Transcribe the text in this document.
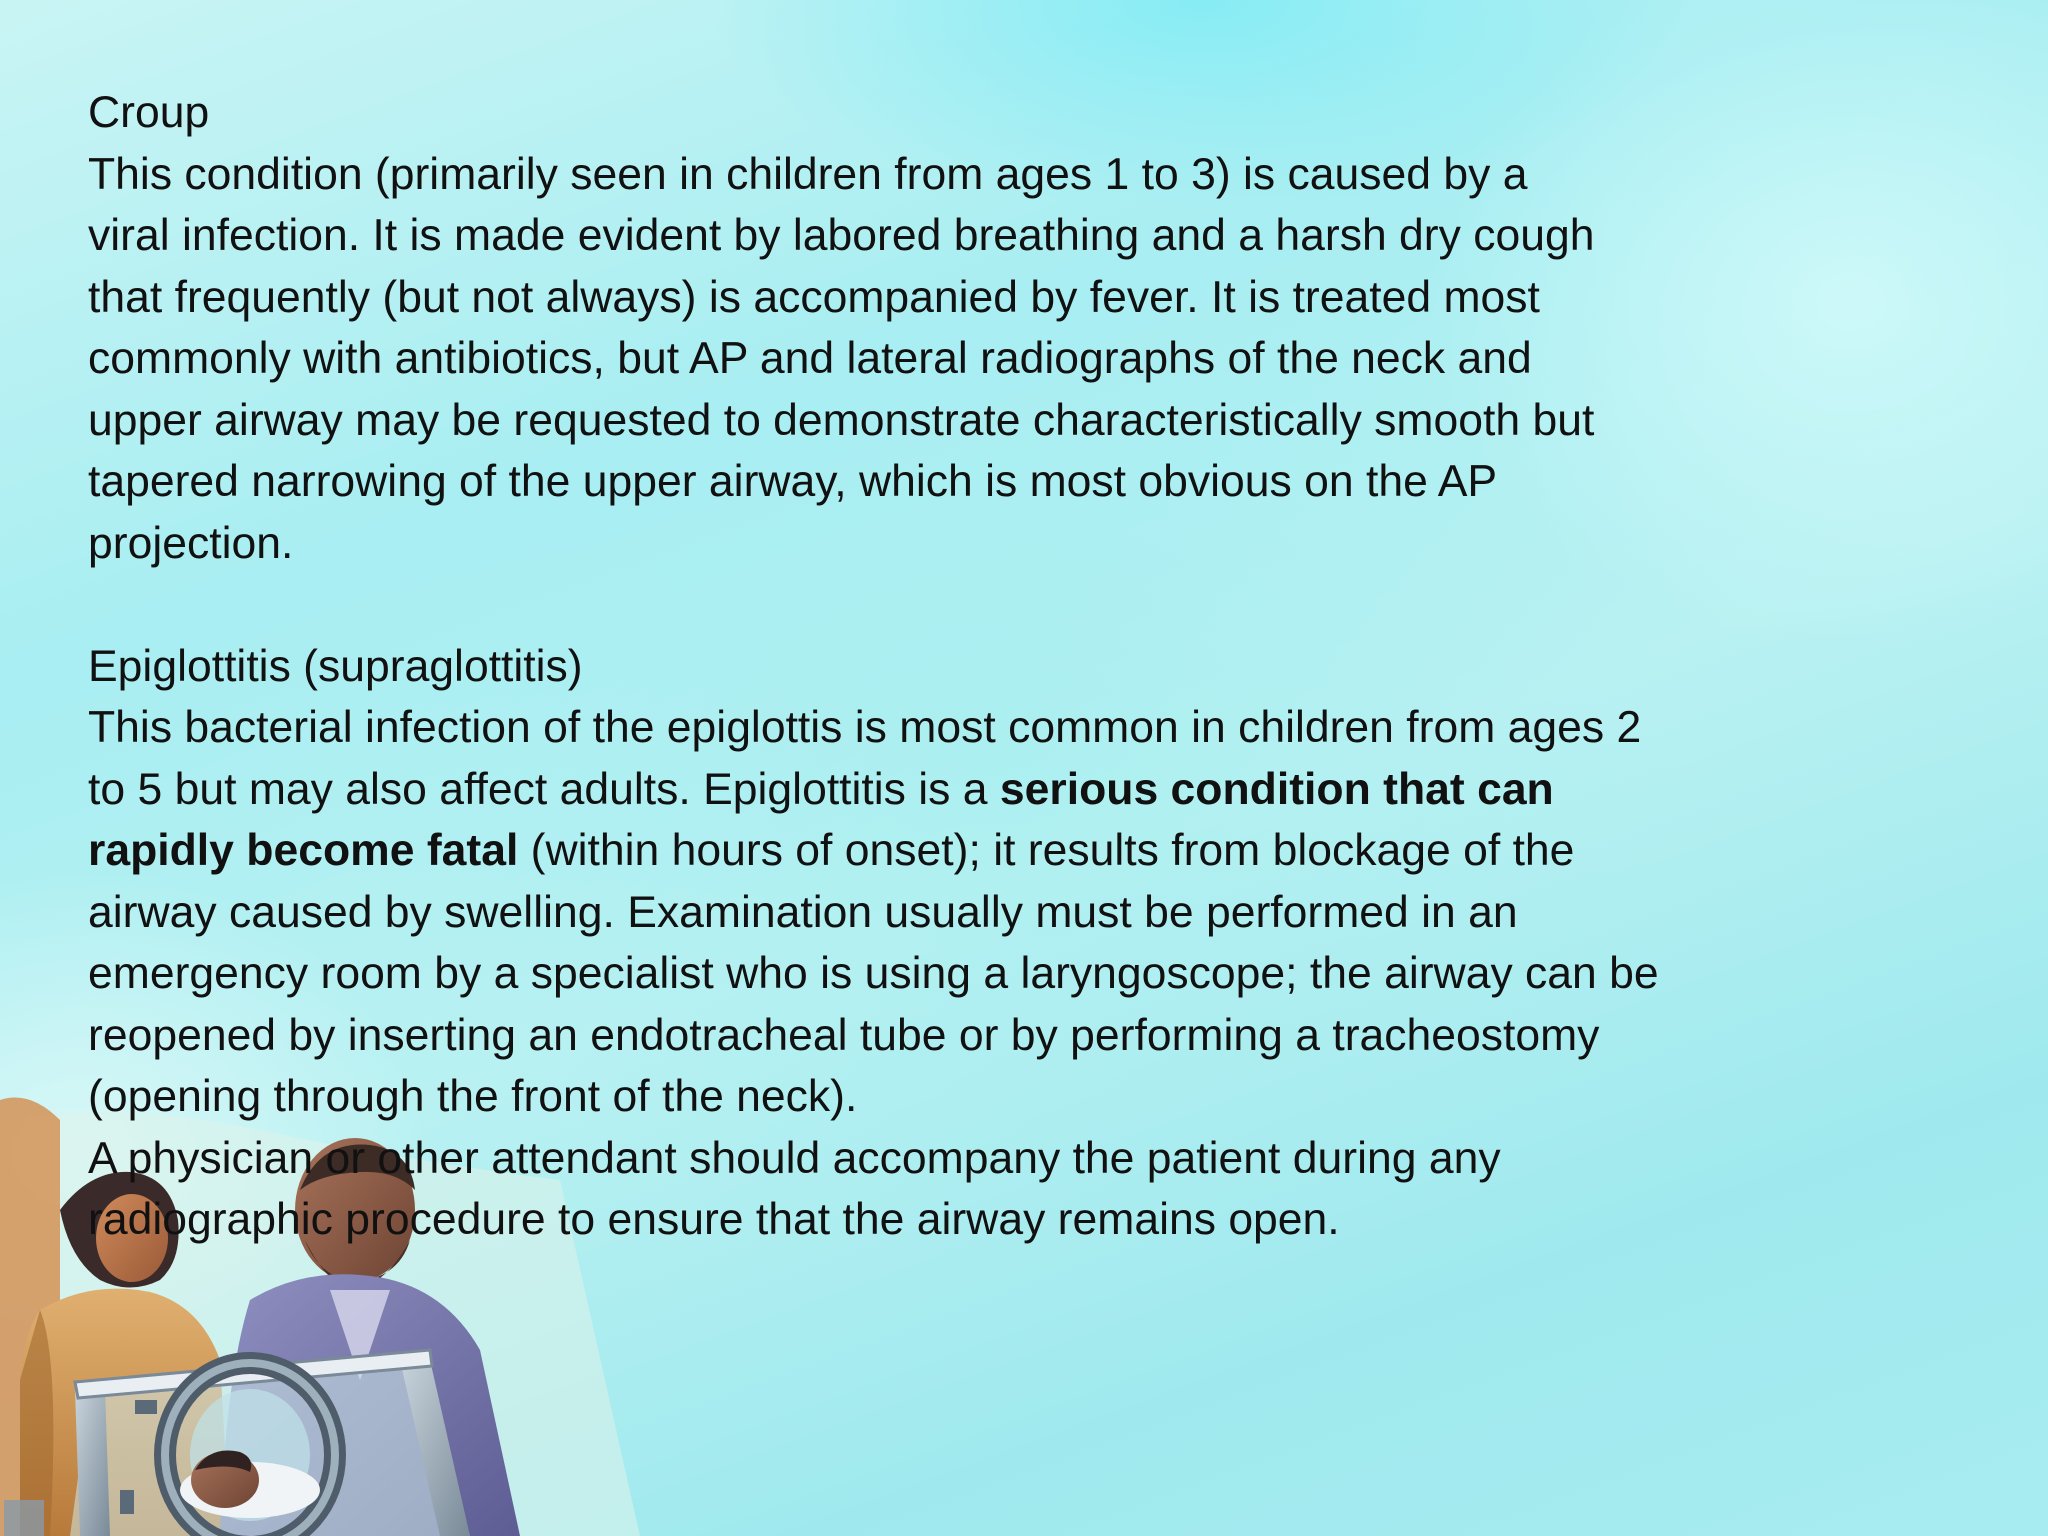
Croup

This condition (primarily seen in children from ages 1 to 3) is caused by a

viral infection. It is made evident by labored breathing and a harsh dry cough

that frequently (but not always) is accompanied by fever. It is treated most

commonly with antibiotics, but AP and lateral radiographs of the neck and

upper airway may be requested to demonstrate characteristically smooth but

tapered narrowing of the upper airway, which is most obvious on the AP

projection.

Epiglottitis (supraglottitis)

This bacterial infection of the epiglottis is most common in children from ages 2

to 5 but may also affect adults. Epiglottitis is a serious condition that can

rapidly become fatal (within hours of onset); it results from blockage of the

airway caused by swelling. Examination usually must be performed in an

emergency room by a specialist who is using a laryngoscope; the airway can be

reopened by inserting an endotracheal tube or by performing a tracheostomy

(opening through the front of the neck).

A physician or other attendant should accompany the patient during any

radiographic procedure to ensure that the airway remains open.
